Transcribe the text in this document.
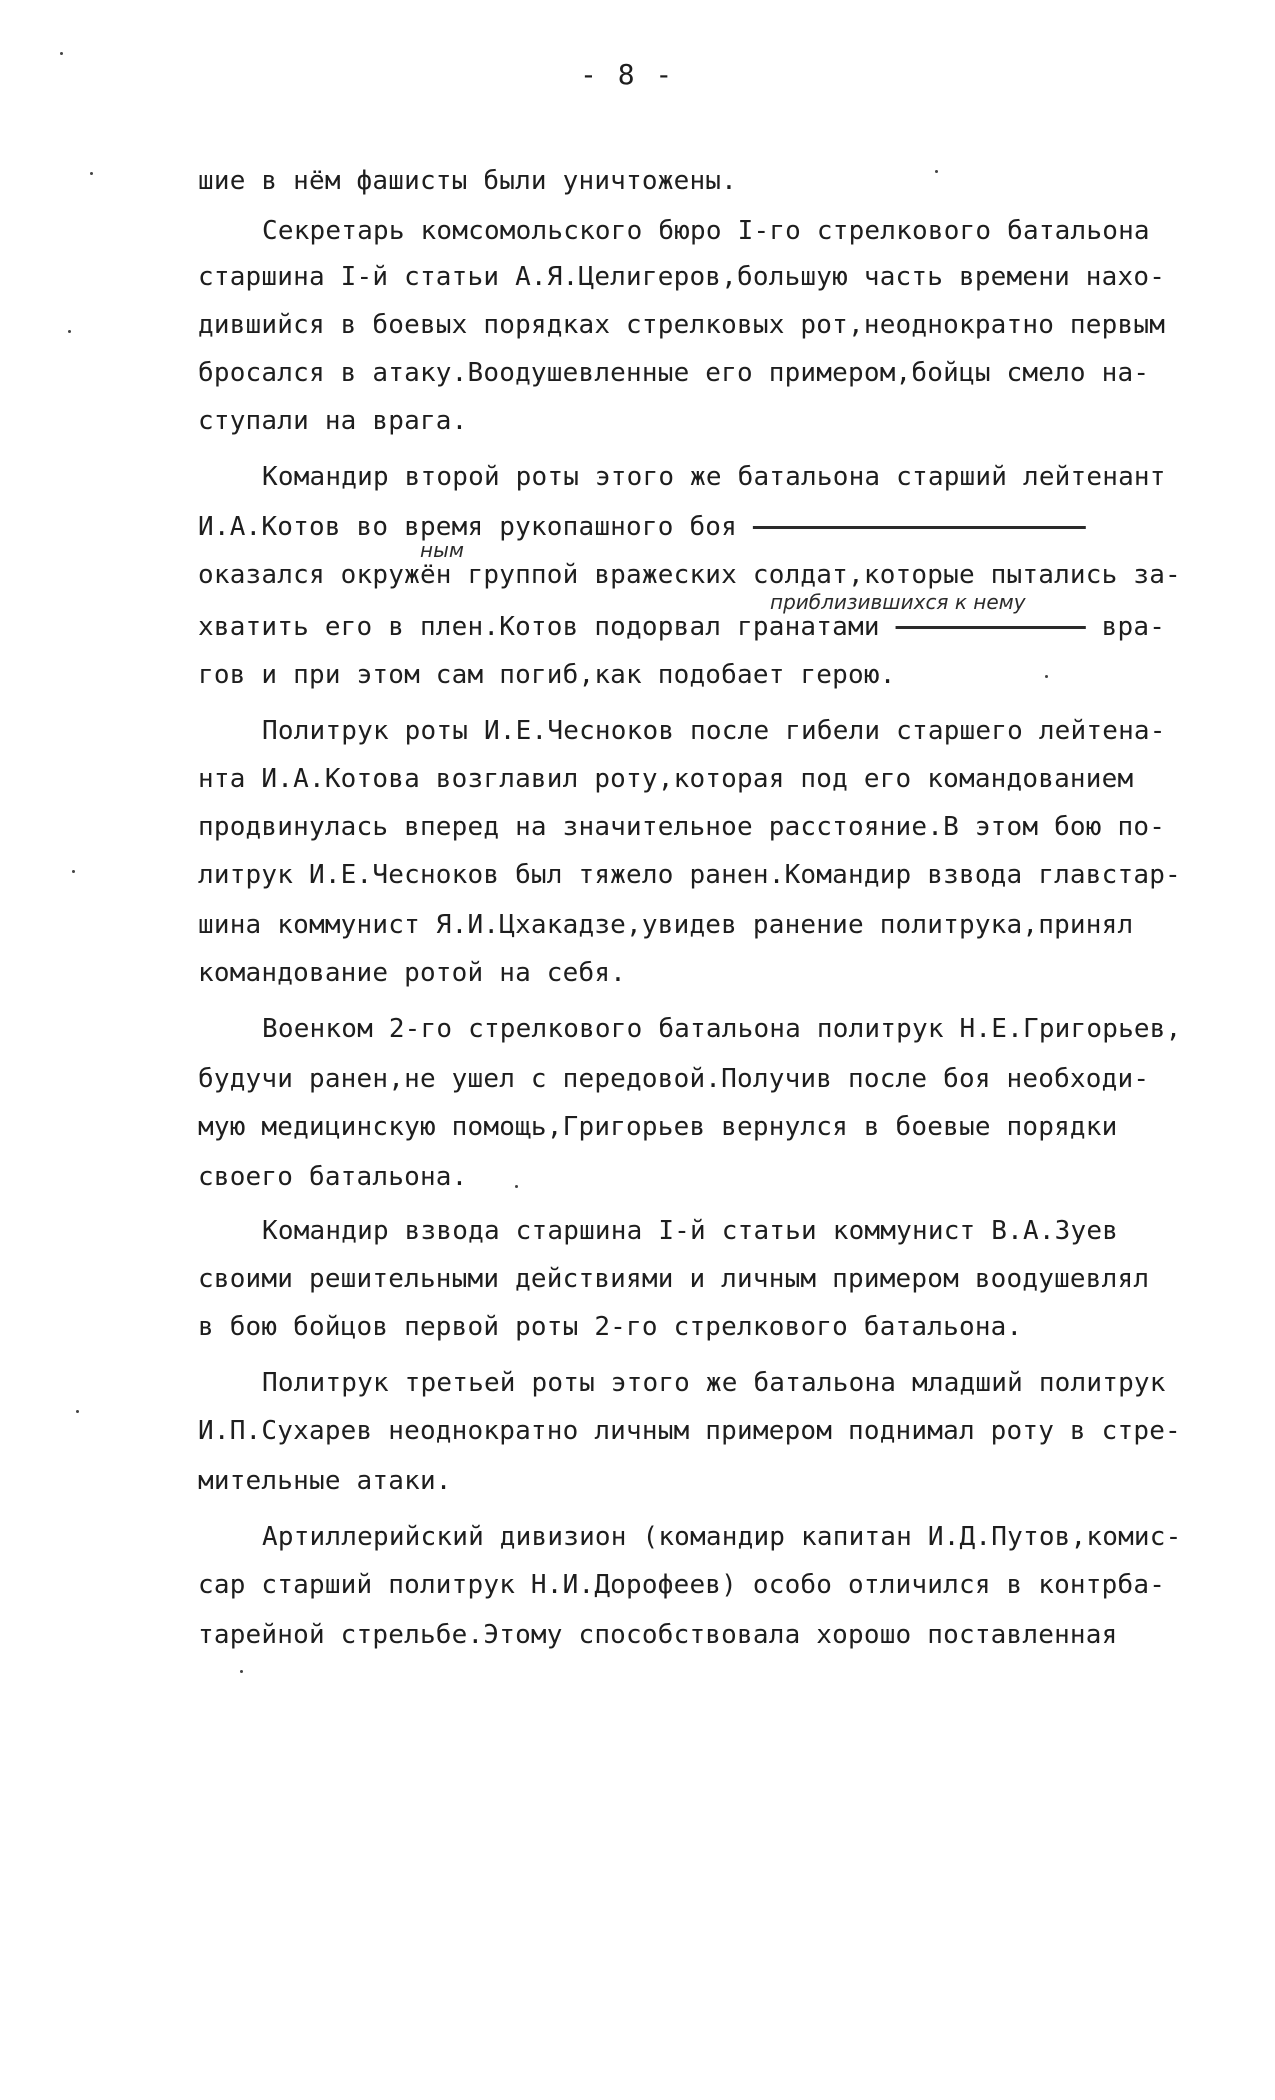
- 8 -
шие в нём фашисты были уничтожены.
Секретарь комсомольского бюро I-го стрелкового батальона
старшина I-й статьи А.Я.Целигеров,большую часть времени нахо-
дившийся в боевых порядках стрелковых рот,неоднократно первым
бросался в атаку.Воодушевленные его примером,бойцы смело на-
ступали на врага.
Командир второй роты этого же батальона старший лейтенант
И.А.Котов во время рукопашного боя
ным
оказался окружён группой вражеских солдат,которые пытались за-
приблизившихся к нему
хватить его в плен.Котов подорвал гранатами	вра-
гов и при этом сам погиб,как подобает герою.
Политрук роты И.Е.Чеснокoв после гибели старшего лейтена-
нта И.А.Котова возглавил роту,которая под его командованием
продвинулась вперед на значительное расстояние.В этом бою по-
литрук И.Е.Чеснокoв был тяжело ранен.Командир взвода главстар-
шина коммунист Я.И.Цхакадзе,увидев ранение политрука,принял
командование ротой на себя.
Военком 2-го стрелкового батальона политрук Н.Е.Григорьев,
будучи ранен,не ушел с передовой.Получив после боя необходи-
мую медицинскую помощь,Григорьев вернулся в боевые порядки
своего батальона.
Командир взвода старшина I-й статьи коммунист В.А.Зуев
своими решительными действиями и личным примером воодушевлял
в бою бойцов первой роты 2-го стрелкового батальона.
Политрук третьей роты этого же батальона младший политрук
И.П.Сухарев неоднократно личным примером поднимал роту в стре-
мительные атаки.
Артиллерийский дивизион (командир капитан И.Д.Путов,комис-
сар старший политрук Н.И.Дорофеев) особо отличился в контрба-
тарейной стрельбе.Этому способствовала хорошо поставленная
